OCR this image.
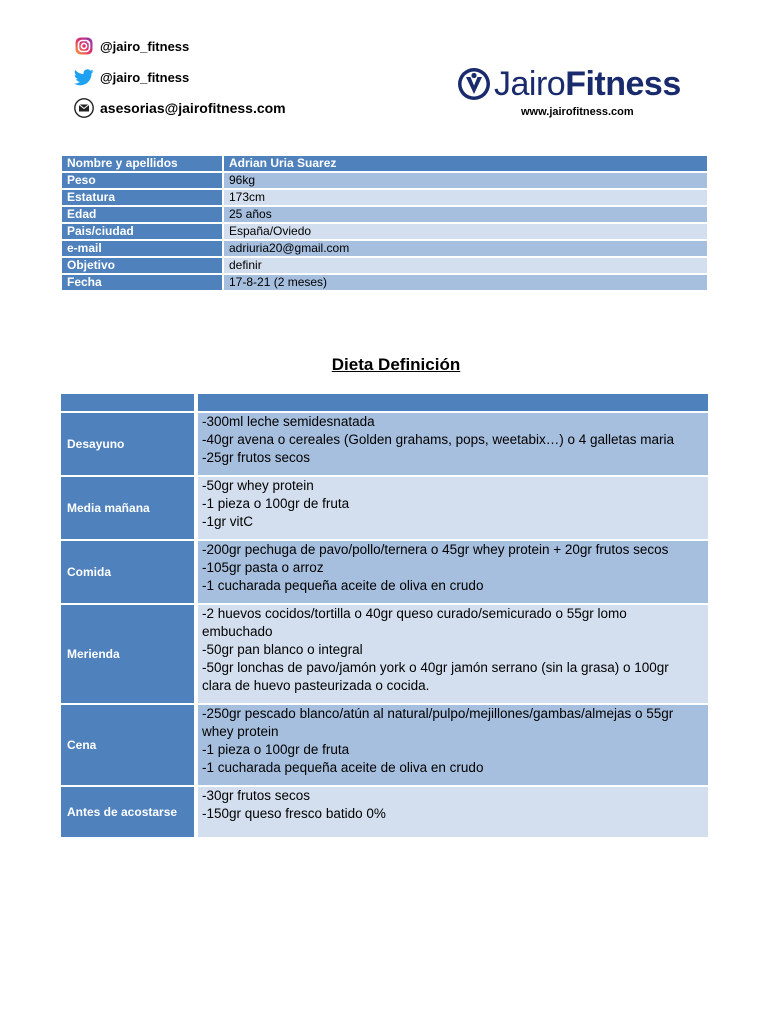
@jairo_fitness
@jairo_fitness
asesorias@jairofitness.com
JairoFitness
www.jairofitness.com
Nombre y apellidos		Adrian Uria Suarez
Peso		96kg
Estatura		173cm
Edad		25 años
Pais/ciudad		España/Oviedo
e-mail		adriuria20@gmail.com
Objetivo		definir
Fecha		17-8-21 (2 meses)
Dieta Definición
Desayuno
-300ml leche semidesnatada
-40gr avena o cereales (Golden grahams, pops, weetabix…) o 4 galletas maria
-25gr frutos secos
Media mañana
-50gr whey protein
-1 pieza o 100gr de fruta
-1gr vitC
Comida
-200gr pechuga de pavo/pollo/ternera o 45gr whey protein + 20gr frutos secos
-105gr pasta o arroz
-1 cucharada pequeña aceite de oliva en crudo
Merienda
-2 huevos cocidos/tortilla o 40gr queso curado/semicurado o 55gr lomo embuchado
-50gr pan blanco o integral
-50gr lonchas de pavo/jamón york o 40gr jamón serrano (sin la grasa) o 100gr clara de huevo pasteurizada o cocida.
Cena
-250gr pescado blanco/atún al natural/pulpo/mejillones/gambas/almejas o 55gr whey protein
-1 pieza o 100gr de fruta
-1 cucharada pequeña aceite de oliva en crudo
Antes de acostarse
-30gr frutos secos
-150gr queso fresco batido 0%
